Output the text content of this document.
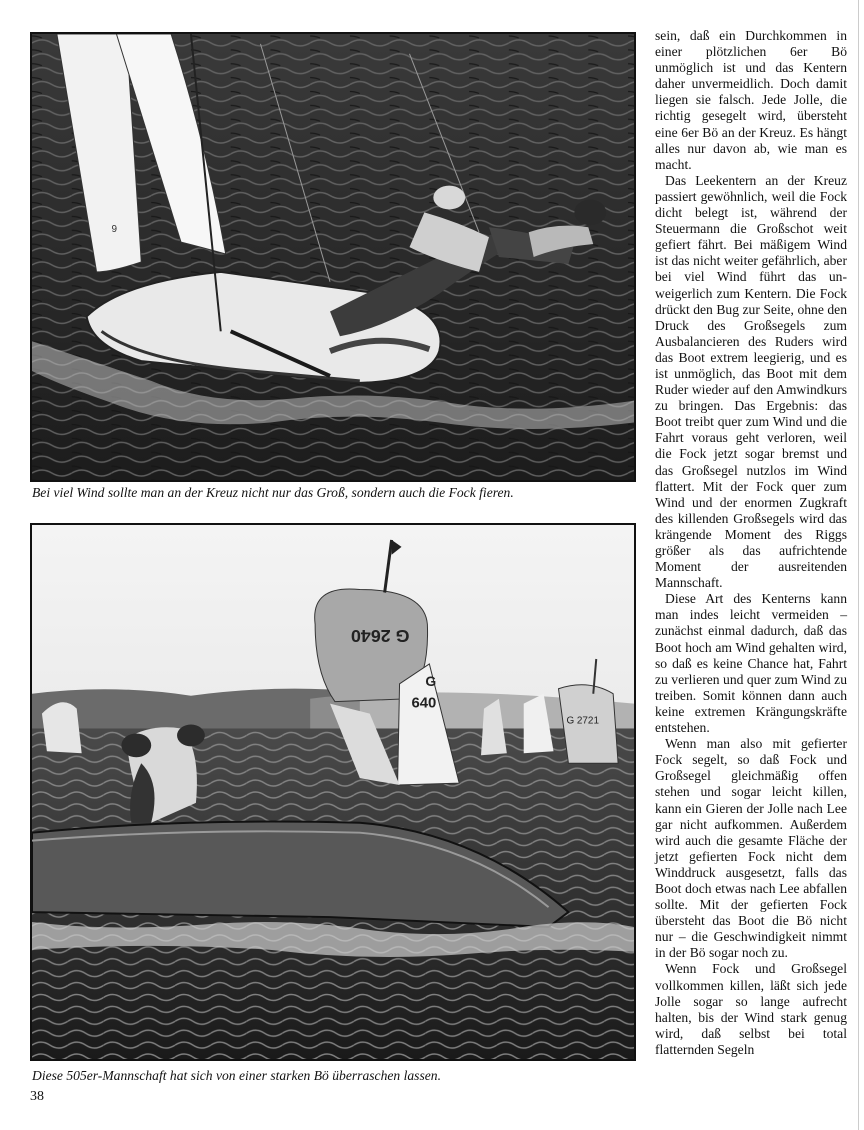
9
Bei viel Wind sollte man an der Kreuz nicht nur das Groß, sondern auch die Fock fieren.
G 2640
G
640
G 2721
Diese 505er-Mannschaft hat sich von einer starken Bö überraschen lassen.

sein, daß ein Durchkommen in einer plötzlichen 6er Bö unmöglich ist und das Kentern daher unvermeidlich. Doch damit liegen sie falsch. Jede Jolle, die richtig gesegelt wird, übersteht eine 6er Bö an der Kreuz. Es hängt alles nur davon ab, wie man es macht.

Das Leekentern an der Kreuz passiert gewöhnlich, weil die Fock dicht belegt ist, während der Steuermann die Großschot weit gefiert fährt. Bei mäßigem Wind ist das nicht weiter gefährlich, aber bei viel Wind führt das unweigerlich zum Kentern. Die Fock drückt den Bug zur Seite, ohne den Druck des Großsegels zum Ausbalancieren des Ruders wird das Boot extrem leegierig, und es ist unmöglich, das Boot mit dem Ruder wieder auf den Amwindkurs zu bringen. Das Ergebnis: das Boot treibt quer zum Wind und die Fahrt voraus geht verloren, weil die Fock jetzt sogar bremst und das Großsegel nutzlos im Wind flattert. Mit der Fock quer zum Wind und der enormen Zugkraft des killenden Großsegels wird das krängende Moment des Riggs größer als das aufrichtende Moment der ausreitenden Mannschaft.

Diese Art des Kenterns kann man indes leicht vermeiden – zunächst einmal dadurch, daß das Boot hoch am Wind gehalten wird, so daß es keine Chance hat, Fahrt zu verlieren und quer zum Wind zu treiben. Somit können dann auch keine extremen Krängungskräfte entstehen.

Wenn man also mit gefierter Fock segelt, so daß Fock und Großsegel gleichmäßig offen stehen und sogar leicht killen, kann ein Gieren der Jolle nach Lee gar nicht aufkommen. Außerdem wird auch die gesamte Fläche der jetzt gefierten Fock nicht dem Winddruck ausgesetzt, falls das Boot doch etwas nach Lee abfallen sollte. Mit der gefierten Fock übersteht das Boot die Bö nicht nur – die Geschwindigkeit nimmt in der Bö sogar noch zu.

Wenn Fock und Großsegel vollkommen killen, läßt sich jede Jolle sogar so lange aufrecht halten, bis der Wind stark genug wird, daß selbst bei total flatternden Segeln

38
